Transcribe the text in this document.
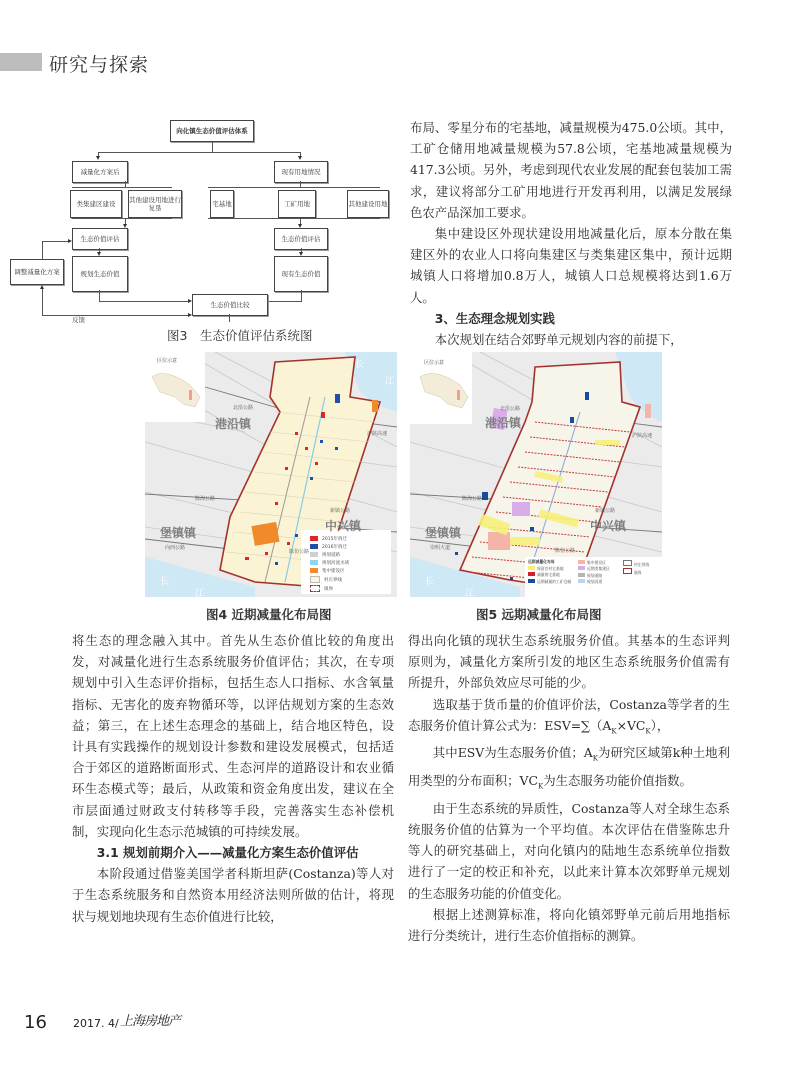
研究与探索
向化镇生态价值评估体系
减量化方案后	现有用地情况
类集建区建设	其他建设用地进行复垦	宅基地	工矿用地	其他建设用地
生态价值评估	生态价值评估
调整减量化方案	规划生态价值	现有生态价值
生态价值比较
反馈
图3　生态价值评估系统图

布局、零星分布的宅基地，减量规模为475.0公顷。其中，工矿仓储用地减量规模为57.8公顷，宅基地减量规模为417.3公顷。另外，考虑到现代农业发展的配套包装加工需求，建议将部分工矿用地进行开发再利用，以满足发展绿色农产品深加工要求。

集中建设区外现状建设用地减量化后，原本分散在集建区外的农业人口将向集建区与类集建区集中，预计远期城镇人口将增加0.8万人，城镇人口总规模将达到1.6万人。

3、生态理念规划实践

本次规划在结合郊野单元规划内容的前提下，

区位示意
港沿镇
中兴镇
堡镇镇
长
江
长
江
北沿公路
陈海公路
新镇公路
向西公路
沪陕高速
陈彷公路
2015年拆迁
2016年拆迁
规划道路
规划河流水域
集中建设区
村庄界线
镇界
图4 近期减量化布局图
区位示意
港沿镇
中兴镇
堡镇镇
长
江
北沿公路
陈海公路
新镇公路
崇明大道	陈彷公路
沪陕高速
远期减量化布局
保留农村宅基地
减量的宅基地
远期减量的工矿仓储
集中建设区
远期类集建区
规划道路
规划河道
村庄界线
镇界
图5 远期减量化布局图

将生态的理念融入其中。首先从生态价值比较的角度出发，对减量化进行生态系统服务价值评估；其次，在专项规划中引入生态评价指标，包括生态人口指标、水含氧量指标、无害化的废弃物循环等，以评估规划方案的生态效益；第三，在上述生态理念的基础上，结合地区特色，设计具有实践操作的规划设计参数和建设发展模式，包括适合于郊区的道路断面形式、生态河岸的道路设计和农业循环生态模式等；最后，从政策和资金角度出发，建议在全市层面通过财政支付转移等手段，完善落实生态补偿机制，实现向化生态示范城镇的可持续发展。

3.1 规划前期介入——减量化方案生态价值评估

本阶段通过借鉴美国学者科斯坦萨(Costanza)等人对于生态系统服务和自然资本用经济法则所做的估计，将现状与规划地块现有生态价值进行比较，

得出向化镇的现状生态系统服务价值。其基本的生态评判原则为，减量化方案所引发的地区生态系统服务价值需有所提升，外部负效应尽可能的少。

选取基于货币量的价值评价法，Costanza等学者的生态服务价值计算公式为：$ESV=\sum(A_K\times VC_K)$，

其中ESV为生态服务价值；$A_K$为研究区域第k种土地利用类型的分布面积；$VC_K$为生态服务功能价值指数。

由于生态系统的异质性，Costanza等人对全球生态系统服务价值的估算为一个平均值。本次评估在借鉴陈忠升等人的研究基础上，对向化镇内的陆地生态系统单位指数进行了一定的校正和补充，以此来计算本次郊野单元规划的生态服务功能的价值变化。

根据上述测算标准，将向化镇郊野单元前后用地指标进行分类统计，进行生态价值指标的测算。

16 2017. 4/ 上海房地产
